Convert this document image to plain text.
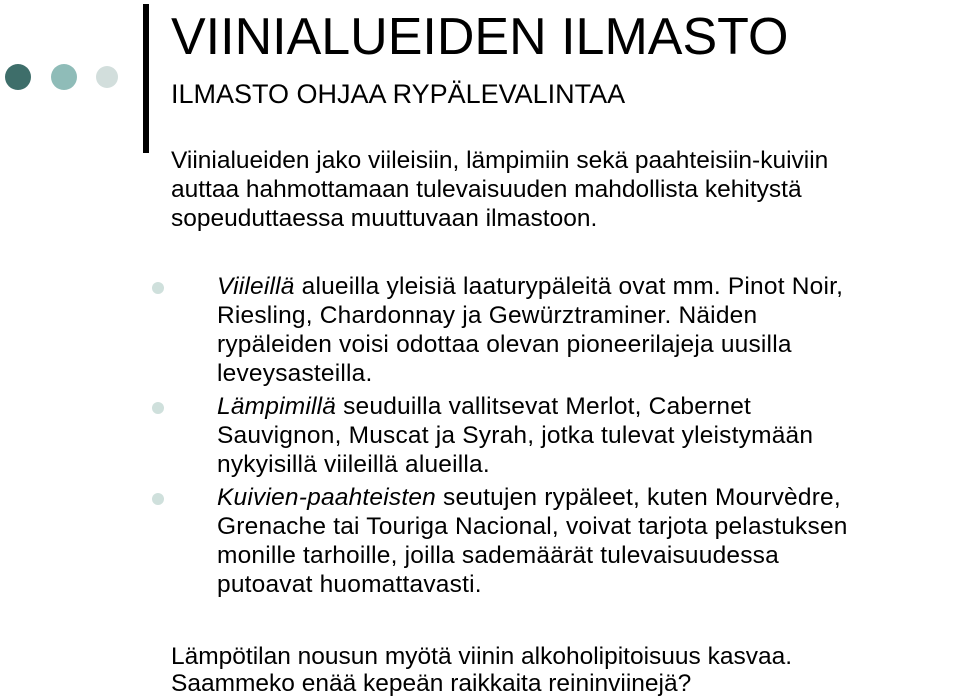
VIINIALUEIDEN ILMASTO
ILMASTO OHJAA RYPÄLEVALINTAA
Viinialueiden jako viileisiin, lämpimiin sekä paahteisiin-kuiviin
auttaa hahmottamaan tulevaisuuden mahdollista kehitystä
sopeuduttaessa muuttuvaan ilmastoon.
Viileillä alueilla yleisiä laaturypäleitä ovat mm. Pinot Noir,
Riesling, Chardonnay ja Gewürztraminer. Näiden
rypäleiden voisi odottaa olevan pioneerilajeja uusilla
leveysasteilla.
Lämpimillä seuduilla vallitsevat Merlot, Cabernet
Sauvignon, Muscat ja Syrah, jotka tulevat yleistymään
nykyisillä viileillä alueilla.
Kuivien-paahteisten seutujen rypäleet, kuten Mourvèdre,
Grenache tai Touriga Nacional, voivat tarjota pelastuksen
monille tarhoille, joilla sademäärät tulevaisuudessa
putoavat huomattavasti.
Lämpötilan nousun myötä viinin alkoholipitoisuus kasvaa.
Saammeko enää kepeän raikkaita reininviinejä?
